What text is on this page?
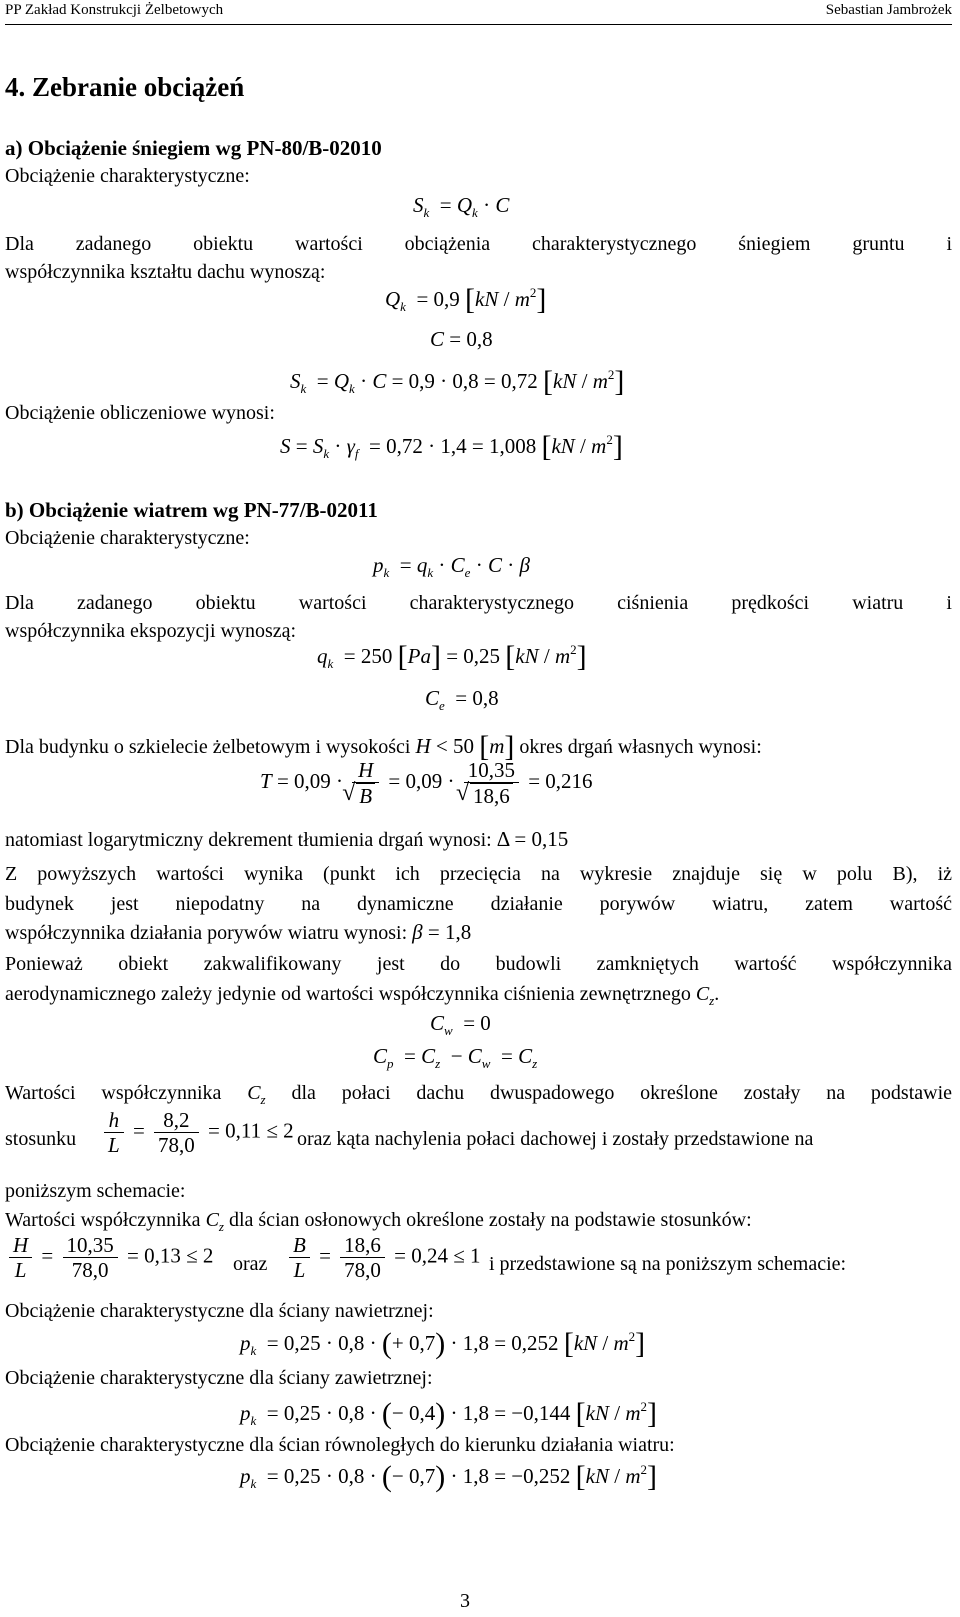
PP Zakład Konstrukcji Żelbetowych	Sebastian Jambrożek
4. Zebranie obciążeń
a) Obciążenie śniegiem wg PN-80/B-02010
Obciążenie charakterystyczne:
$S_k = Q_k \cdot C$
Dla zadanego obiektu wartości obciążenia charakterystycznego śniegiem gruntu i
współczynnika kształtu dachu wynoszą:
$Q_k = 0,9$ $[kN / m^2]$
C = 0,8
$S_k = Q_k \cdot C = 0,9 \cdot 0,8 = 0,72$ $[kN / m^2]$
Obciążenie obliczeniowe wynosi:
$S = S_k \cdot \gamma_f = 0,72 \cdot 1,4 = 1,008$ $[kN / m^2]$
b) Obciążenie wiatrem wg PN-77/B-02011
Obciążenie charakterystyczne:
$p_k = q_k \cdot C_e \cdot C \cdot \beta$
Dla zadanego obiektu wartości charakterystycznego ciśnienia prędkości wiatru i
współczynnika ekspozycji wynoszą:
$q_k = 250$ [Pa] = 0,25 $[kN / m^2]$
$C_e = 0,8$
Dla budynku o szkielecie żelbetowym i wysokości H < 50 [m] okres drgań własnych wynosi:
T = 0,09 · H
√ B = 0,09 · 10,35
√ 18,6 = 0,216
natomiast logarytmiczny dekrement tłumienia drgań wynosi: Δ = 0,15
Z powyższych wartości wynika (punkt ich przecięcia na wykresie znajduje się w polu B), iż
budynek jest niepodatny na dynamiczne działanie porywów wiatru, zatem wartość
współczynnika działania porywów wiatru wynosi: β = 1,8
Ponieważ obiekt zakwalifikowany jest do budowli zamkniętych wartość współczynnika
aerodynamicznego zależy jedynie od wartości współczynnika ciśnienia zewnętrznego $C_z$.
$C_w = 0$
$C_p = C_z - C_w = C_z$
Wartości współczynnika $C_z$ dla połaci dachu dwuspadowego określone zostały na podstawie
stosunku $\frac{h}{L} = \frac{8,2}{78,0} = 0,11 \le 2$ oraz kąta nachylenia połaci dachowej i zostały przedstawione na
poniższym schemacie:
Wartości współczynnika $C_z$ dla ścian osłonowych określone zostały na podstawie stosunków:
$\frac{H}{L} = \frac{10,35}{78,0} = 0,13 \le 2$ oraz $\frac{B}{L} = \frac{18,6}{78,0} = 0,24 \le 1$ i przedstawione są na poniższym schemacie:
Obciążenie charakterystyczne dla ściany nawietrznej:
$p_k = 0,25 \cdot 0,8$ · (+ 0,7) · 1,8 = 0,252 $[kN / m^2]$
Obciążenie charakterystyczne dla ściany zawietrznej:
$p_k = 0,25 \cdot 0,8$ · (− 0,4) · 1,8 = −0,144 $[kN / m^2]$
Obciążenie charakterystyczne dla ścian równoległych do kierunku działania wiatru:
$p_k = 0,25 \cdot 0,8$ · (− 0,7) · 1,8 = −0,252 $[kN / m^2]$
3
